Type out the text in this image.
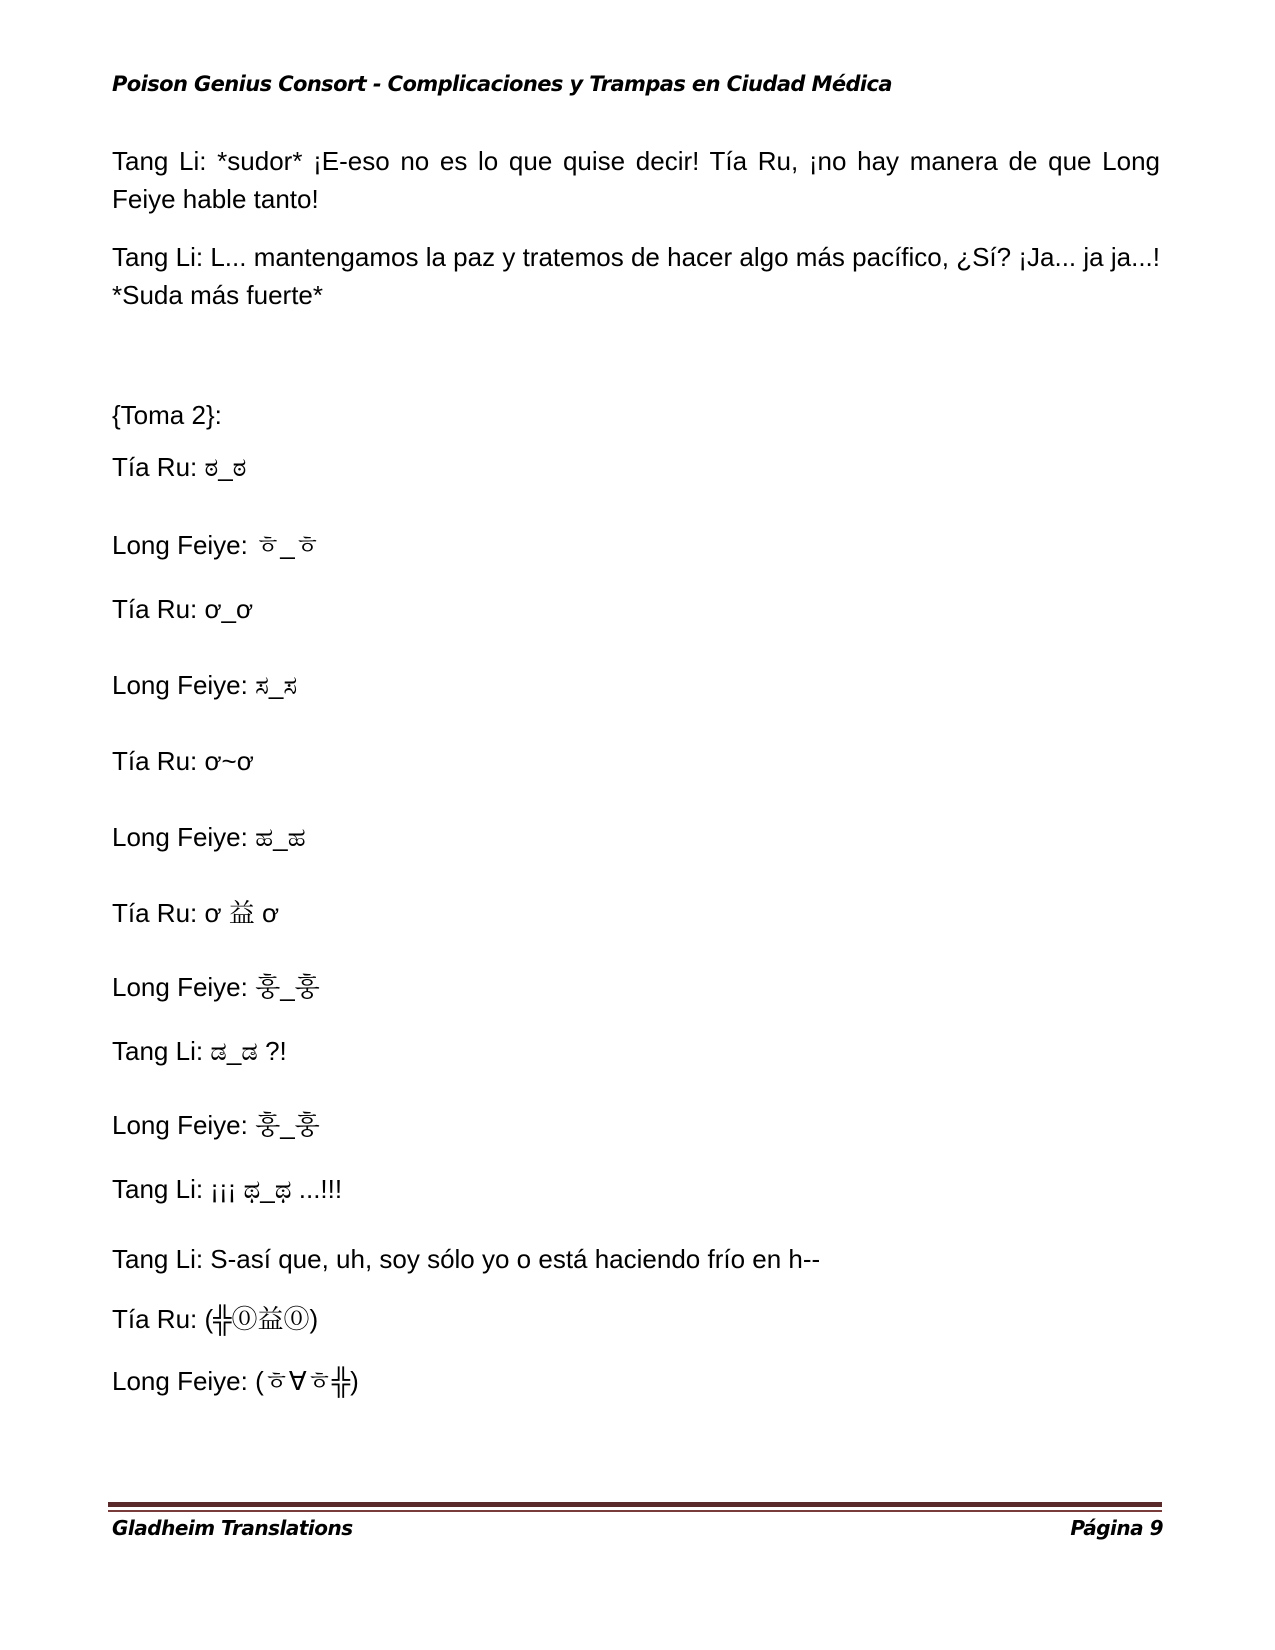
Poison Genius Consort - Complicaciones y Trampas en Ciudad Médica

Tang Li: *sudor* ¡E-eso no es lo que quise decir! Tía Ru, ¡no hay manera de que Long Feiye hable tanto!

Tang Li: L... mantengamos la paz y tratemos de hacer algo más pacífico, ¿Sí? ¡Ja... ja ja...! *Suda más fuerte*

{Toma 2}:

Tía Ru: ಠ_ಠ

Long Feiye: ㅎ_ㅎ

Tía Ru: ơ_ơ

Long Feiye: ಸ_ಸ

Tía Ru: ơ~ơ

Long Feiye: ಹ_ಹ

Tía Ru: ơ 益 ơ

Long Feiye: 훙_훙

Tang Li: ಡ_ಡ ?!

Long Feiye: 훙_훙

Tang Li: ¡¡¡ ಥ_ಥ ...!!!

Tang Li: S-así que, uh, soy sólo yo o está haciendo frío en h--

Tía Ru: (╬⓪益⓪)

Long Feiye: (ㅎ∀ㅎ╬)

Gladheim Translations	Página 9
